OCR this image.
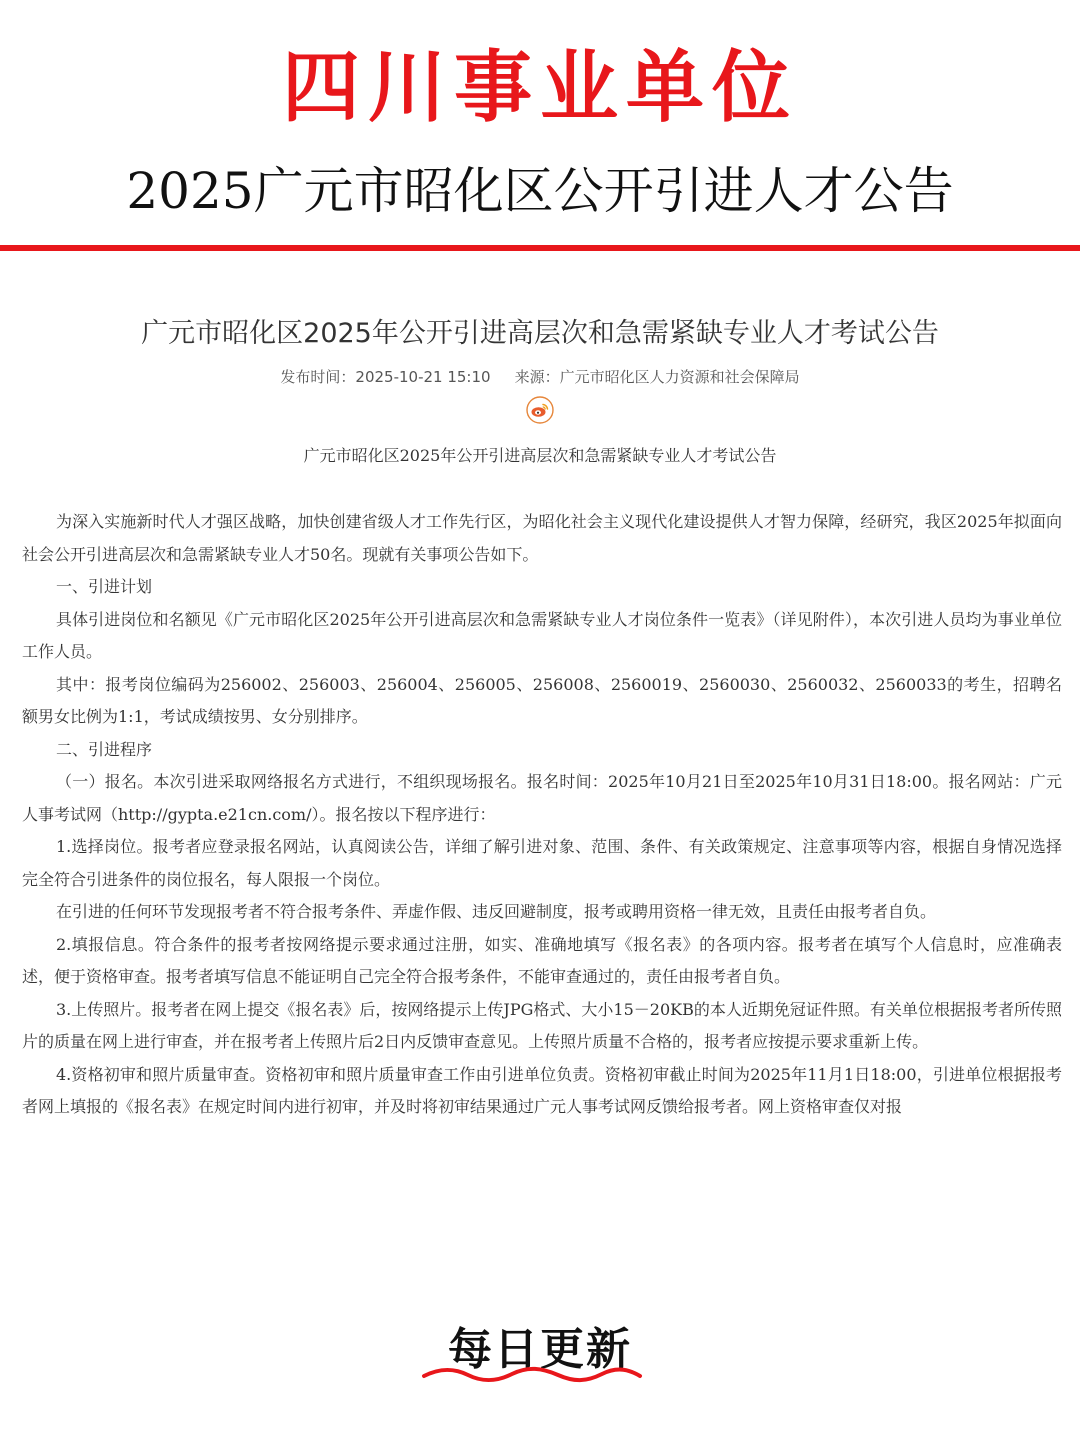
四川事业单位
2025广元市昭化区公开引进人才公告
广元市昭化区2025年公开引进高层次和急需紧缺专业人才考试公告
发布时间：2025-10-21 15:10 来源：广元市昭化区人力资源和社会保障局
广元市昭化区2025年公开引进高层次和急需紧缺专业人才考试公告

为深入实施新时代人才强区战略，加快创建省级人才工作先行区，为昭化社会主义现代化建设提供人才智力保障，经研究，我区2025年拟面向社会公开引进高层次和急需紧缺专业人才50名。现就有关事项公告如下。

一、引进计划

具体引进岗位和名额见《广元市昭化区2025年公开引进高层次和急需紧缺专业人才岗位条件一览表》（详见附件），本次引进人员均为事业单位工作人员。

其中：报考岗位编码为256002、256003、256004、256005、256008、2560019、2560030、2560032、2560033的考生，招聘名额男女比例为1:1，考试成绩按男、女分别排序。

二、引进程序

（一）报名。本次引进采取网络报名方式进行，不组织现场报名。报名时间：2025年10月21日至2025年10月31日18:00。报名网站：广元人事考试网（http://gypta.e21cn.com/）。报名按以下程序进行：

1.选择岗位。报考者应登录报名网站，认真阅读公告，详细了解引进对象、范围、条件、有关政策规定、注意事项等内容，根据自身情况选择完全符合引进条件的岗位报名，每人限报一个岗位。

在引进的任何环节发现报考者不符合报考条件、弄虚作假、违反回避制度，报考或聘用资格一律无效，且责任由报考者自负。

2.填报信息。符合条件的报考者按网络提示要求通过注册，如实、准确地填写《报名表》的各项内容。报考者在填写个人信息时，应准确表述，便于资格审查。报考者填写信息不能证明自己完全符合报考条件，不能审查通过的，责任由报考者自负。

3.上传照片。报考者在网上提交《报名表》后，按网络提示上传JPG格式、大小15－20KB的本人近期免冠证件照。有关单位根据报考者所传照片的质量在网上进行审查，并在报考者上传照片后2日内反馈审查意见。上传照片质量不合格的，报考者应按提示要求重新上传。

4.资格初审和照片质量审查。资格初审和照片质量审查工作由引进单位负责。资格初审截止时间为2025年11月1日18:00，引进单位根据报考者网上填报的《报名表》在规定时间内进行初审，并及时将初审结果通过广元人事考试网反馈给报考者。网上资格审查仅对报

每日更新
